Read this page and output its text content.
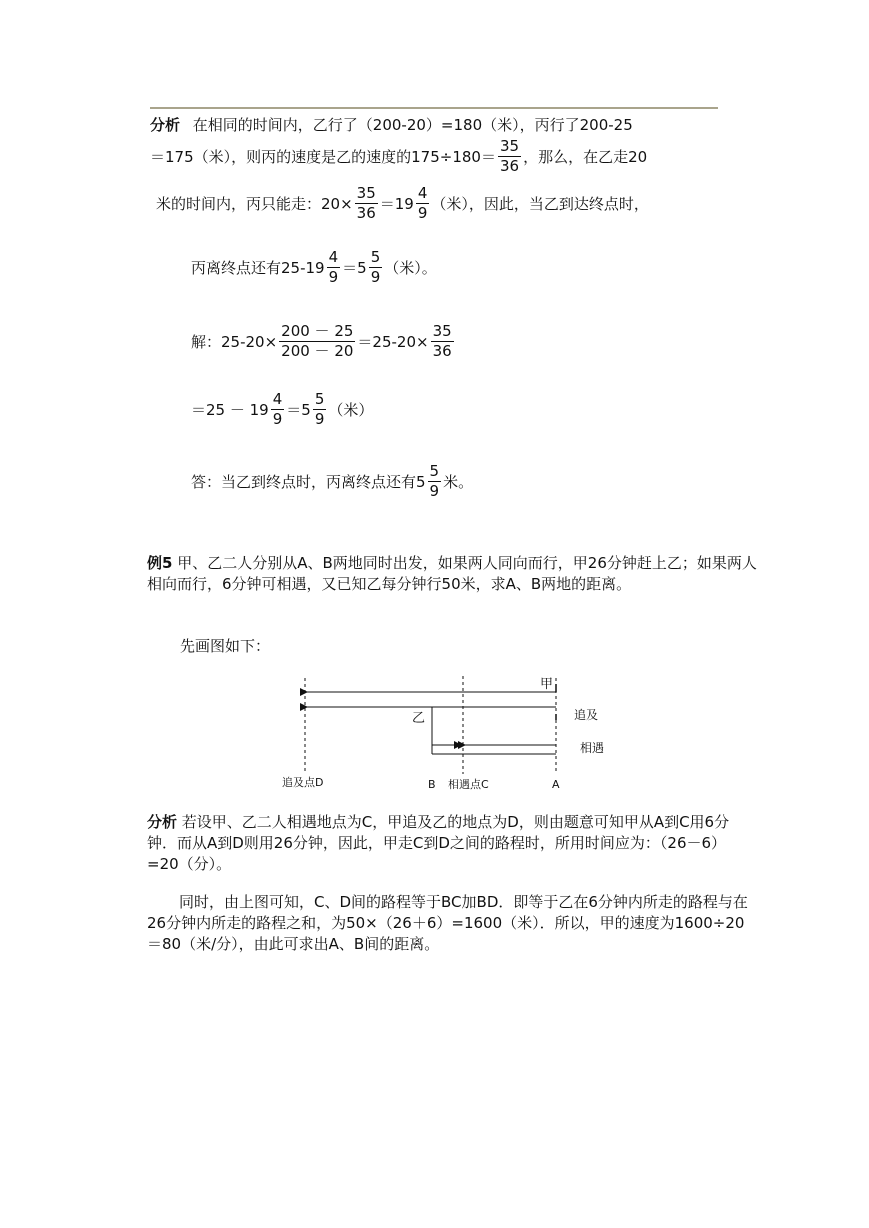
分析 在相同的时间内，乙行了（200-20）=180（米），丙行了200-25
＝175（米），则丙的速度是乙的速度的$175\div 180= \frac{35}{36}$ ，那么，在乙走20
米的时间内，丙只能走：$20\times \frac{35}{36} =19 \frac{4}{9}$ （米），因此，当乙到达终点时，
丙离终点还有$25-19 \frac{4}{9} =5 \frac{5}{9}$ （米）。
解：$25-20\times \frac{200 - 25}{200 - 20} =25-20\times \frac{35}{36}$
$=25 - 19 \frac{4}{9} =5 \frac{5}{9}$ （米）
答：当乙到终点时，丙离终点还有$5 \frac{5}{9}$ 米。

例5 甲、乙二人分别从A、B两地同时出发，如果两人同向而行，甲26分钟赶上乙；如果两人相向而行，6分钟可相遇，又已知乙每分钟行50米，求A、B两地的距离。

先画图如下：
甲
乙	追及
相遇
追及点D	B 相遇点C	A

分析 若设甲、乙二人相遇地点为C，甲追及乙的地点为D，则由题意可知甲从A到C用6分钟．而从A到D则用26分钟，因此，甲走C到D之间的路程时，所用时间应为：（26－6）=20（分）。

同时，由上图可知，C、D间的路程等于BC加BD．即等于乙在6分钟内所走的路程与在26分钟内所走的路程之和，为50×（26＋6）=1600（米）．所以，甲的速度为1600÷20＝80（米/分），由此可求出A、B间的距离。
